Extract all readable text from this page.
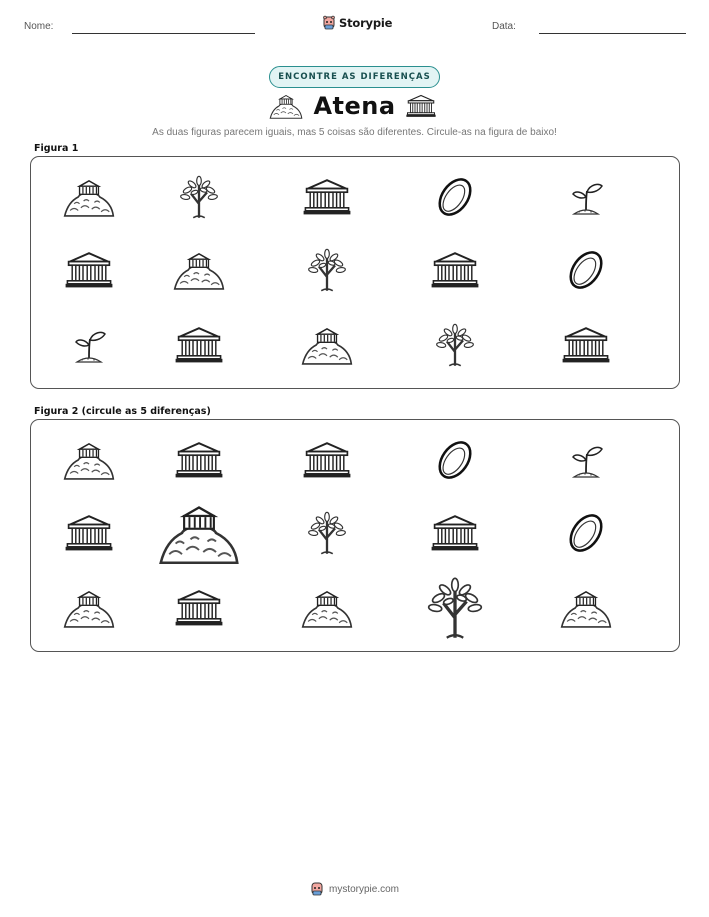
Nome:	Storypie	Data:
ENCONTRE AS DIFERENÇAS
Atena
As duas figuras parecem iguais, mas 5 coisas são diferentes. Circule-as na figura de baixo!
Figura 1
Figura 2 (circule as 5 diferenças)
mystorypie.com
